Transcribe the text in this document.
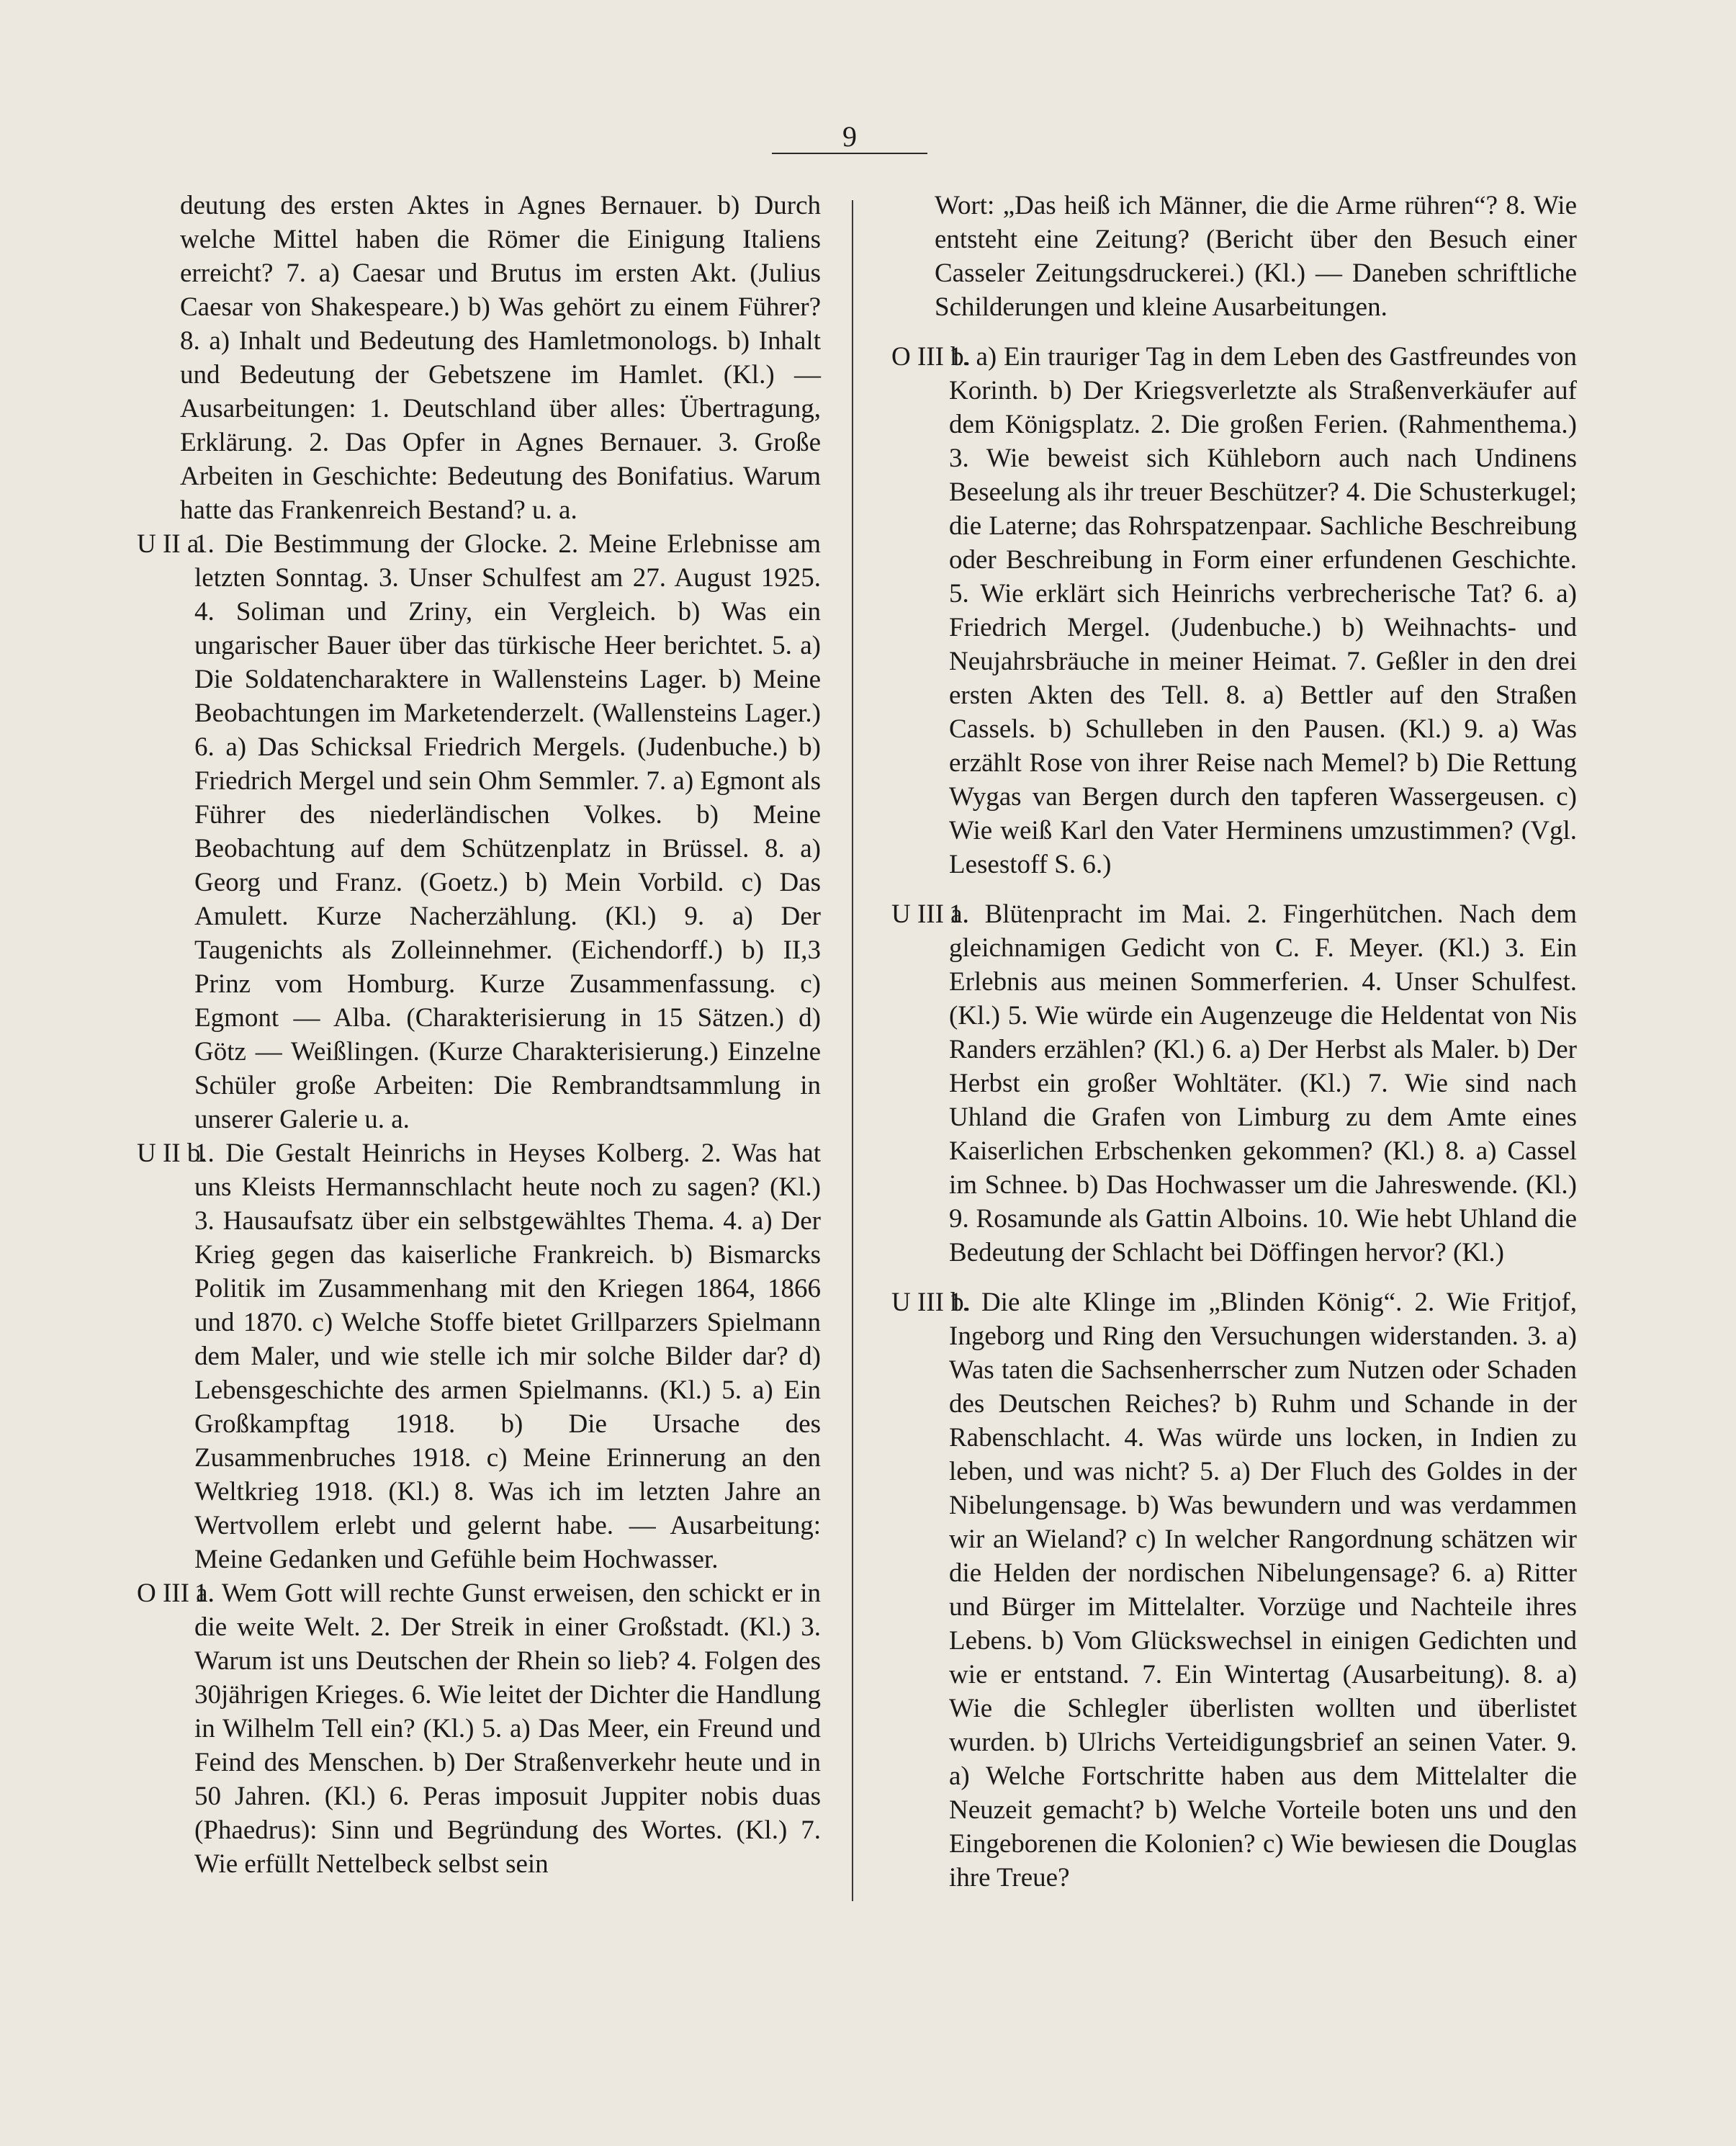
9
deutung des ersten Aktes in Agnes Bernauer. b) Durch welche Mittel haben die Römer die Einigung Italiens erreicht? 7. a) Caesar und Brutus im ersten Akt. (Julius Caesar von Shakespeare.) b) Was gehört zu einem Führer? 8. a) Inhalt und Bedeutung des Hamletmonologs. b) Inhalt und Bedeutung der Gebetszene im Hamlet. (Kl.) — Ausarbeitungen: 1. Deutschland über alles: Übertragung, Erklärung. 2. Das Opfer in Agnes Bernauer. 3. Große Arbeiten in Geschichte: Bedeutung des Bonifatius. Warum hatte das Frankenreich Bestand? u. a.
U II a.
1. Die Bestimmung der Glocke. 2. Meine Erlebnisse am letzten Sonntag. 3. Unser Schulfest am 27. August 1925. 4. Soliman und Zriny, ein Vergleich. b) Was ein ungarischer Bauer über das türkische Heer berichtet. 5. a) Die Soldatencharaktere in Wallensteins Lager. b) Meine Beobachtungen im Marketenderzelt. (Wallensteins Lager.) 6. a) Das Schicksal Friedrich Mergels. (Judenbuche.) b) Friedrich Mergel und sein Ohm Semmler. 7. a) Egmont als Führer des niederländischen Volkes. b) Meine Beobachtung auf dem Schützenplatz in Brüssel. 8. a) Georg und Franz. (Goetz.) b) Mein Vorbild. c) Das Amulett. Kurze Nacherzählung. (Kl.) 9. a) Der Taugenichts als Zolleinnehmer. (Eichendorff.) b) II,3 Prinz vom Homburg. Kurze Zusammenfassung. c) Egmont — Alba. (Charakterisierung in 15 Sätzen.) d) Götz — Weißlingen. (Kurze Charakterisierung.) Einzelne Schüler große Arbeiten: Die Rembrandtsammlung in unserer Galerie u. a.
U II b.
1. Die Gestalt Heinrichs in Heyses Kolberg. 2. Was hat uns Kleists Hermannschlacht heute noch zu sagen? (Kl.) 3. Hausaufsatz über ein selbstgewähltes Thema. 4. a) Der Krieg gegen das kaiserliche Frankreich. b) Bismarcks Politik im Zusammenhang mit den Kriegen 1864, 1866 und 1870. c) Welche Stoffe bietet Grillparzers Spielmann dem Maler, und wie stelle ich mir solche Bilder dar? d) Lebensgeschichte des armen Spielmanns. (Kl.) 5. a) Ein Großkampftag 1918. b) Die Ursache des Zusammenbruches 1918. c) Meine Erinnerung an den Weltkrieg 1918. (Kl.) 8. Was ich im letzten Jahre an Wertvollem erlebt und gelernt habe. — Ausarbeitung: Meine Gedanken und Gefühle beim Hochwasser.
O III a.
1. Wem Gott will rechte Gunst erweisen, den schickt er in die weite Welt. 2. Der Streik in einer Großstadt. (Kl.) 3. Warum ist uns Deutschen der Rhein so lieb? 4. Folgen des 30jährigen Krieges. 6. Wie leitet der Dichter die Handlung in Wilhelm Tell ein? (Kl.) 5. a) Das Meer, ein Freund und Feind des Menschen. b) Der Straßenverkehr heute und in 50 Jahren. (Kl.) 6. Peras imposuit Juppiter nobis duas (Phaedrus): Sinn und Begründung des Wortes. (Kl.) 7. Wie erfüllt Nettelbeck selbst sein
Wort: „Das heiß ich Männer, die die Arme rühren“? 8. Wie entsteht eine Zeitung? (Bericht über den Besuch einer Casseler Zeitungsdruckerei.) (Kl.) — Daneben schriftliche Schilderungen und kleine Ausarbeitungen.
O III b.
1. a) Ein trauriger Tag in dem Leben des Gastfreundes von Korinth. b) Der Kriegsverletzte als Straßenverkäufer auf dem Königsplatz. 2. Die großen Ferien. (Rahmenthema.) 3. Wie beweist sich Kühleborn auch nach Undinens Beseelung als ihr treuer Beschützer? 4. Die Schusterkugel; die Laterne; das Rohrspatzenpaar. Sachliche Beschreibung oder Beschreibung in Form einer erfundenen Geschichte. 5. Wie erklärt sich Heinrichs verbrecherische Tat? 6. a) Friedrich Mergel. (Judenbuche.) b) Weihnachts- und Neujahrsbräuche in meiner Heimat. 7. Geßler in den drei ersten Akten des Tell. 8. a) Bettler auf den Straßen Cassels. b) Schulleben in den Pausen. (Kl.) 9. a) Was erzählt Rose von ihrer Reise nach Memel? b) Die Rettung Wygas van Bergen durch den tapferen Wassergeusen. c) Wie weiß Karl den Vater Herminens umzustimmen? (Vgl. Lesestoff S. 6.)
U III a.
1. Blütenpracht im Mai. 2. Fingerhütchen. Nach dem gleichnamigen Gedicht von C. F. Meyer. (Kl.) 3. Ein Erlebnis aus meinen Sommerferien. 4. Unser Schulfest. (Kl.) 5. Wie würde ein Augenzeuge die Heldentat von Nis Randers erzählen? (Kl.) 6. a) Der Herbst als Maler. b) Der Herbst ein großer Wohltäter. (Kl.) 7. Wie sind nach Uhland die Grafen von Limburg zu dem Amte eines Kaiserlichen Erbschenken gekommen? (Kl.) 8. a) Cassel im Schnee. b) Das Hochwasser um die Jahreswende. (Kl.) 9. Rosamunde als Gattin Alboins. 10. Wie hebt Uhland die Bedeutung der Schlacht bei Döffingen hervor? (Kl.)
U III b.
1. Die alte Klinge im „Blinden König“. 2. Wie Fritjof, Ingeborg und Ring den Versuchungen widerstanden. 3. a) Was taten die Sachsenherrscher zum Nutzen oder Schaden des Deutschen Reiches? b) Ruhm und Schande in der Rabenschlacht. 4. Was würde uns locken, in Indien zu leben, und was nicht? 5. a) Der Fluch des Goldes in der Nibelungensage. b) Was bewundern und was verdammen wir an Wieland? c) In welcher Rangordnung schätzen wir die Helden der nordischen Nibelungensage? 6. a) Ritter und Bürger im Mittelalter. Vorzüge und Nachteile ihres Lebens. b) Vom Glückswechsel in einigen Gedichten und wie er entstand. 7. Ein Wintertag (Ausarbeitung). 8. a) Wie die Schlegler überlisten wollten und überlistet wurden. b) Ulrichs Verteidigungsbrief an seinen Vater. 9. a) Welche Fortschritte haben aus dem Mittelalter die Neuzeit gemacht? b) Welche Vorteile boten uns und den Eingeborenen die Kolonien? c) Wie bewiesen die Douglas ihre Treue?
